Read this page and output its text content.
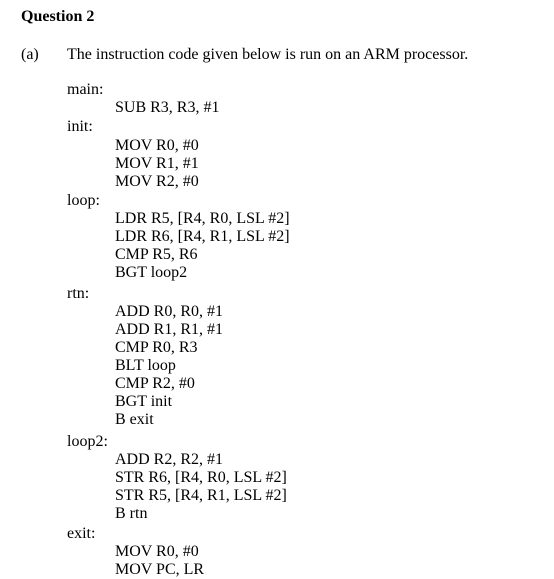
Question 2
(a) The instruction code given below is run on an ARM processor.
main:
SUB R3, R3, #1
init:
MOV R0, #0
MOV R1, #1
MOV R2, #0
loop:
LDR R5, [R4, R0, LSL #2]
LDR R6, [R4, R1, LSL #2]
CMP R5, R6
BGT loop2
rtn:
ADD R0, R0, #1
ADD R1, R1, #1
CMP R0, R3
BLT loop
CMP R2, #0
BGT init
B exit
loop2:
ADD R2, R2, #1
STR R6, [R4, R0, LSL #2]
STR R5, [R4, R1, LSL #2]
B rtn
exit:
MOV R0, #0
MOV PC, LR
